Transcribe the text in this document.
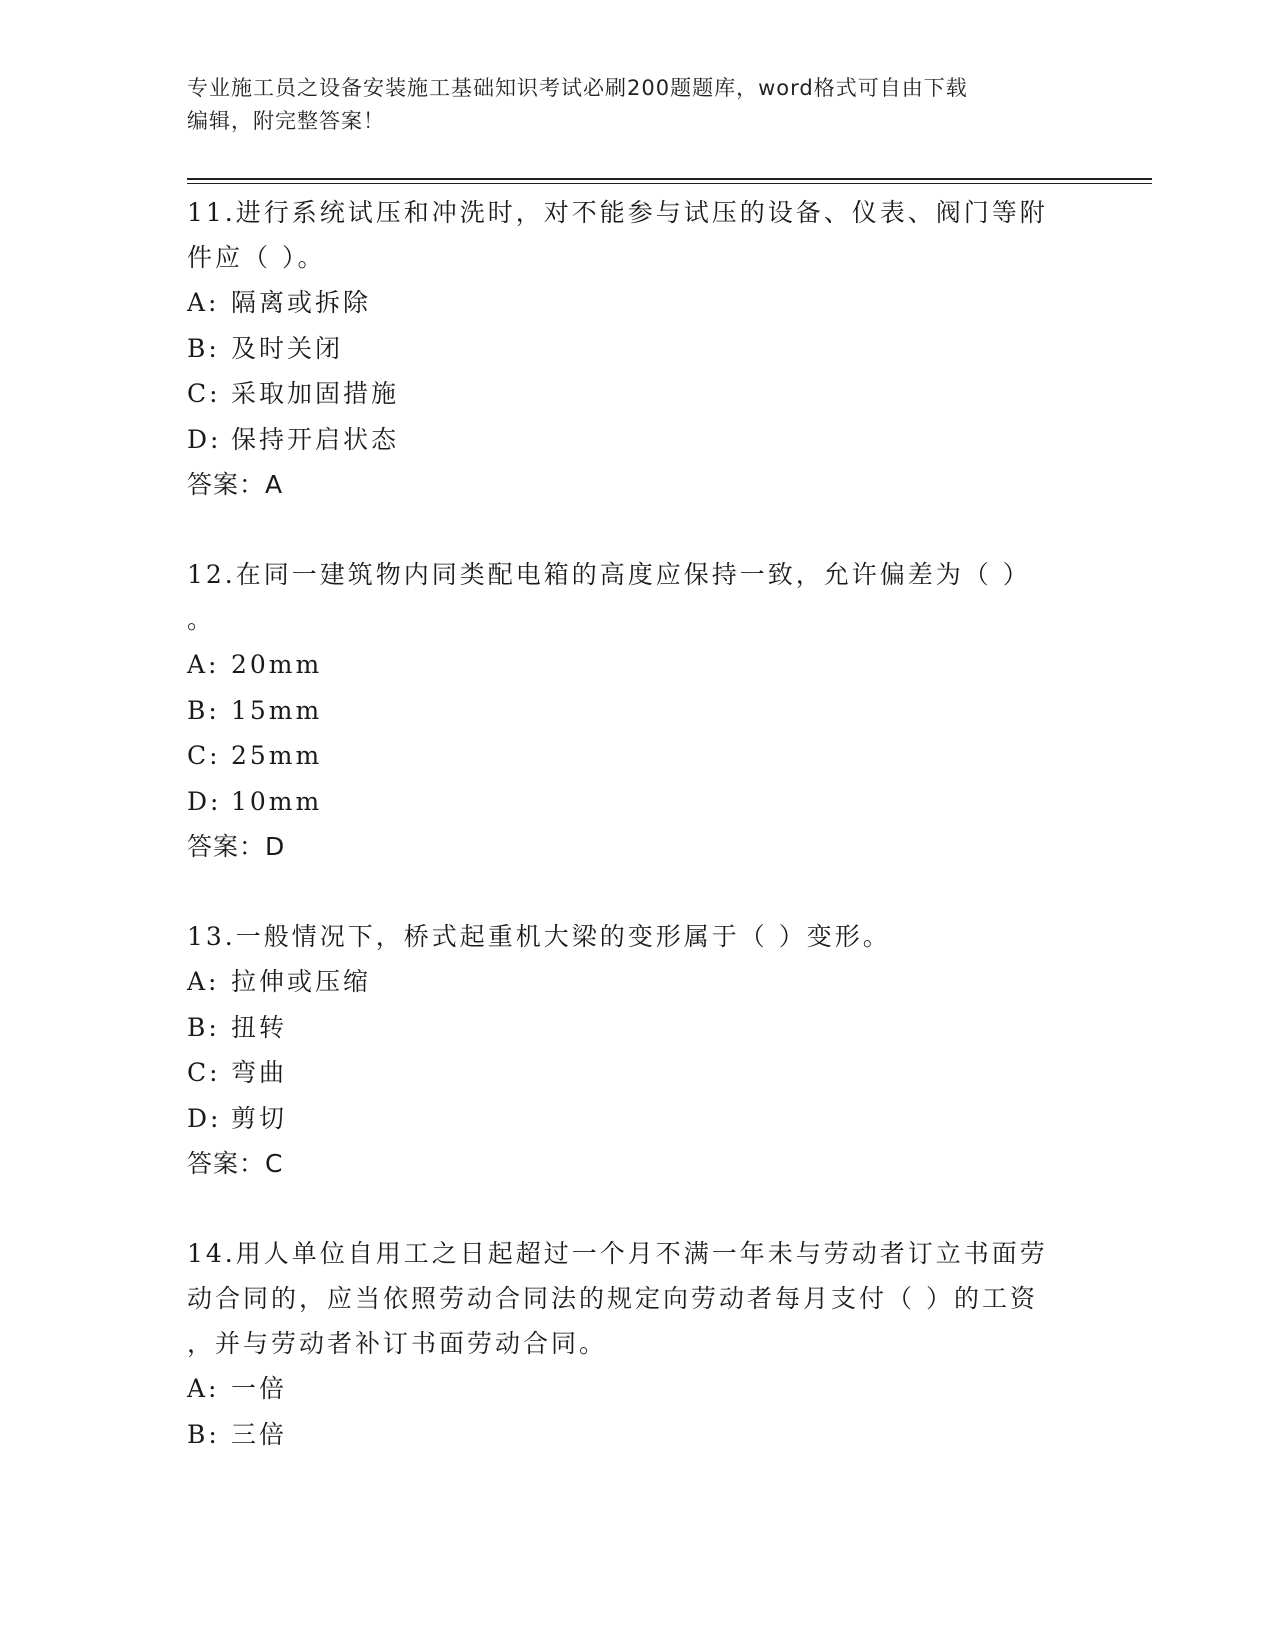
专业施工员之设备安装施工基础知识考试必刷200题题库，word格式可自由下载
编辑，附完整答案！

11.进行系统试压和冲洗时，对不能参与试压的设备、仪表、阀门等附

件应（ ）。

A: 隔离或拆除

B: 及时关闭

C: 采取加固措施

D: 保持开启状态

答案：A

12.在同一建筑物内同类配电箱的高度应保持一致，允许偏差为（ ）

。

A: 20mm

B: 15mm

C: 25mm

D: 10mm

答案：D

13.一般情况下，桥式起重机大梁的变形属于（ ）变形。

A: 拉伸或压缩

B: 扭转

C: 弯曲

D: 剪切

答案：C

14.用人单位自用工之日起超过一个月不满一年未与劳动者订立书面劳

动合同的，应当依照劳动合同法的规定向劳动者每月支付（ ）的工资

，并与劳动者补订书面劳动合同。

A: 一倍

B: 三倍
